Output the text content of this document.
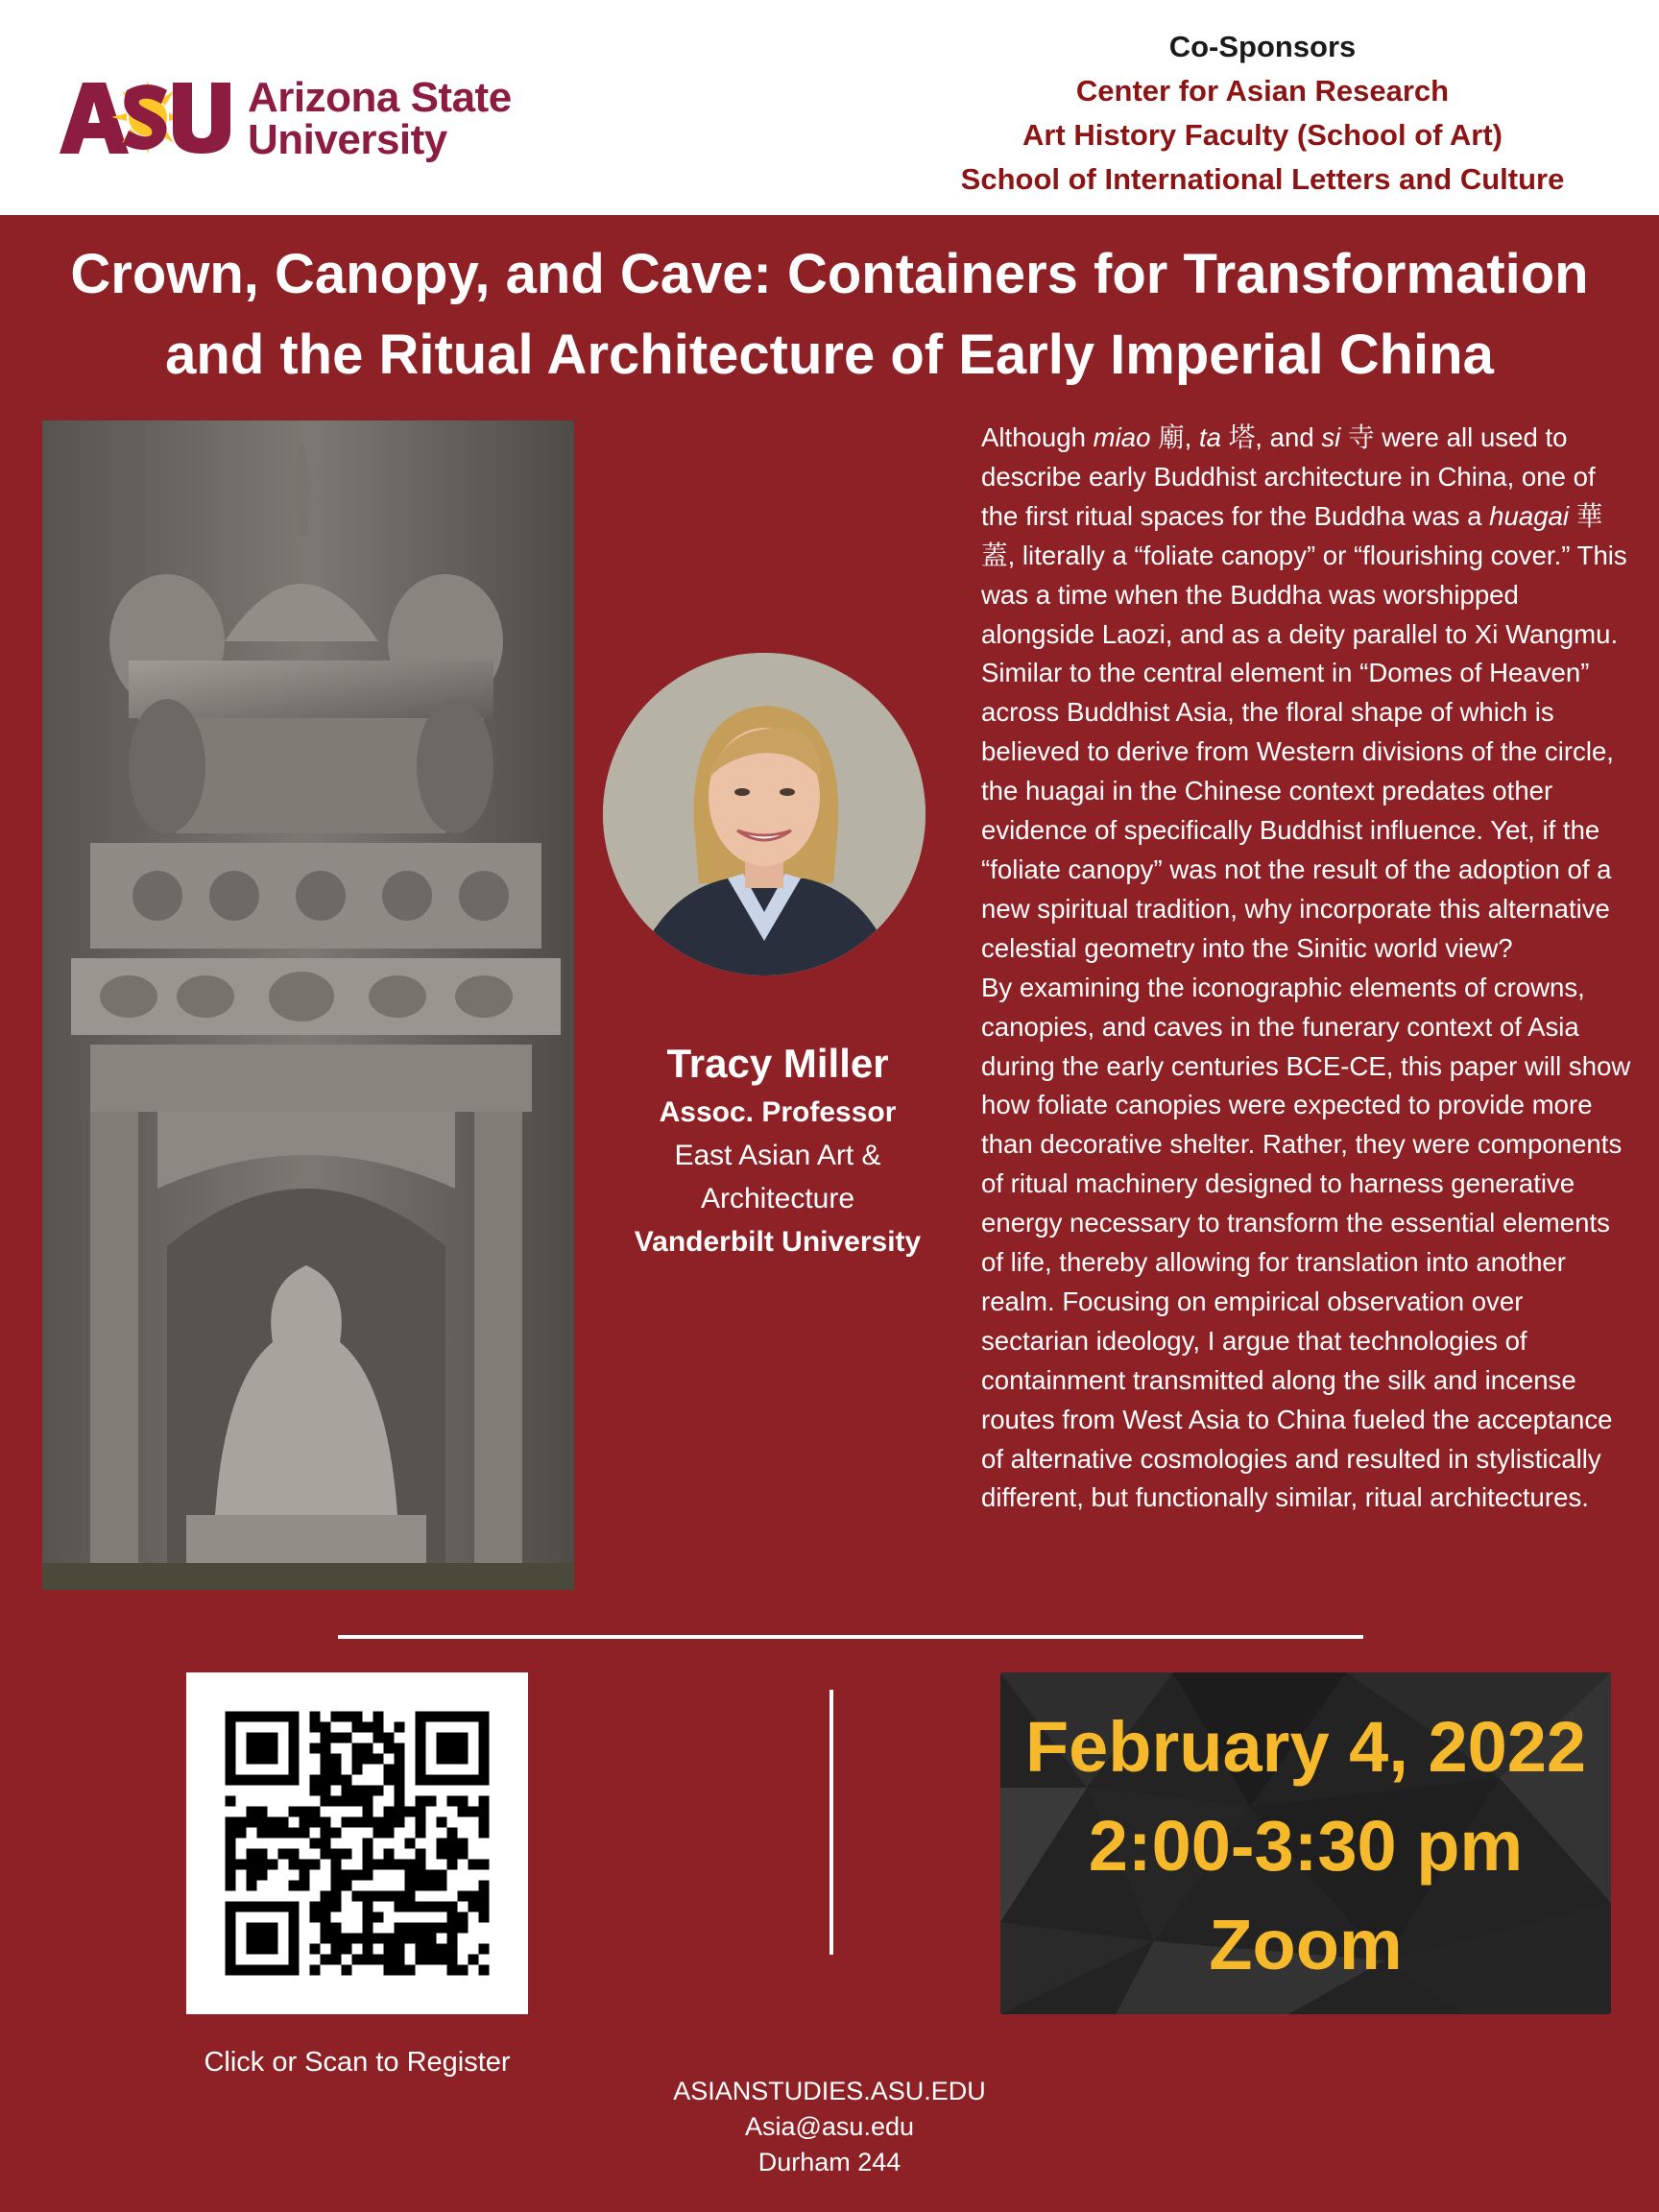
Arizona State
University
Co-Sponsors
Center for Asian Research
Art History Faculty (School of Art)
School of International Letters and Culture
Crown, Canopy, and Cave: Containers for Transformation
and the Ritual Architecture of Early Imperial China
Tracy Miller
Assoc. Professor
East Asian Art &
Architecture
Vanderbilt University

Although miao 廟, ta 塔, and si 寺 were all used to describe early Buddhist architecture in China, one of the first ritual spaces for the Buddha was a huagai 華蓋, literally a “foliate canopy” or “flourishing cover.” This was a time when the Buddha was worshipped alongside Laozi, and as a deity parallel to Xi Wangmu. Similar to the central element in “Domes of Heaven” across Buddhist Asia, the floral shape of which is believed to derive from Western divisions of the circle, the huagai in the Chinese context predates other evidence of specifically Buddhist influence. Yet, if the “foliate canopy” was not the result of the adoption of a new spiritual tradition, why incorporate this alternative celestial geometry into the Sinitic world view?

By examining the iconographic elements of crowns, canopies, and caves in the funerary context of Asia during the early centuries BCE-CE, this paper will show how foliate canopies were expected to provide more than decorative shelter. Rather, they were components of ritual machinery designed to harness generative energy necessary to transform the essential elements of life, thereby allowing for translation into another realm. Focusing on empirical observation over sectarian ideology, I argue that technologies of containment transmitted along the silk and incense routes from West Asia to China fueled the acceptance of alternative cosmologies and resulted in stylistically different, but functionally similar, ritual architectures.

Click or Scan to Register
February 4, 2022
2:00-3:30 pm
Zoom
ASIANSTUDIES.ASU.EDU
Asia@asu.edu
Durham 244
